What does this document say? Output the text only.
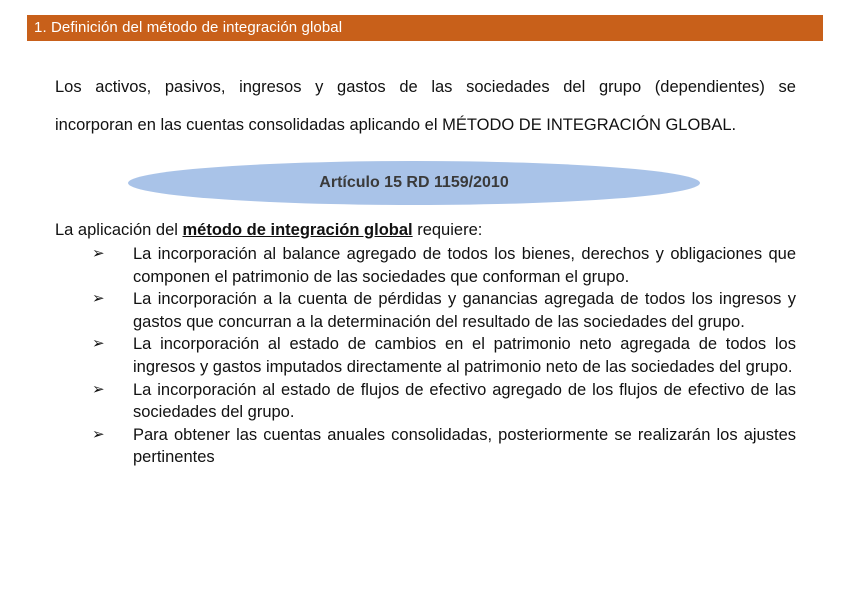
1. Definición del método de integración global
Los activos, pasivos, ingresos y gastos de las sociedades del grupo (dependientes) se
incorporan en las cuentas consolidadas aplicando el MÉTODO DE INTEGRACIÓN GLOBAL.
Artículo 15 RD 1159/2010
La aplicación del método de integración global requiere:
➢	La incorporación al balance agregado de todos los bienes, derechos y obligaciones que componen el patrimonio de las sociedades que conforman el grupo.
➢	La incorporación a la cuenta de pérdidas y ganancias agregada de todos los ingresos y gastos que concurran a la determinación del resultado de las sociedades del grupo.
➢	La incorporación al estado de cambios en el patrimonio neto agregada de todos los ingresos y gastos imputados directamente al patrimonio neto de las sociedades del grupo.
➢	La incorporación al estado de flujos de efectivo agregado de los flujos de efectivo de las sociedades del grupo.
➢	Para obtener las cuentas anuales consolidadas, posteriormente se realizarán los ajustes pertinentes
